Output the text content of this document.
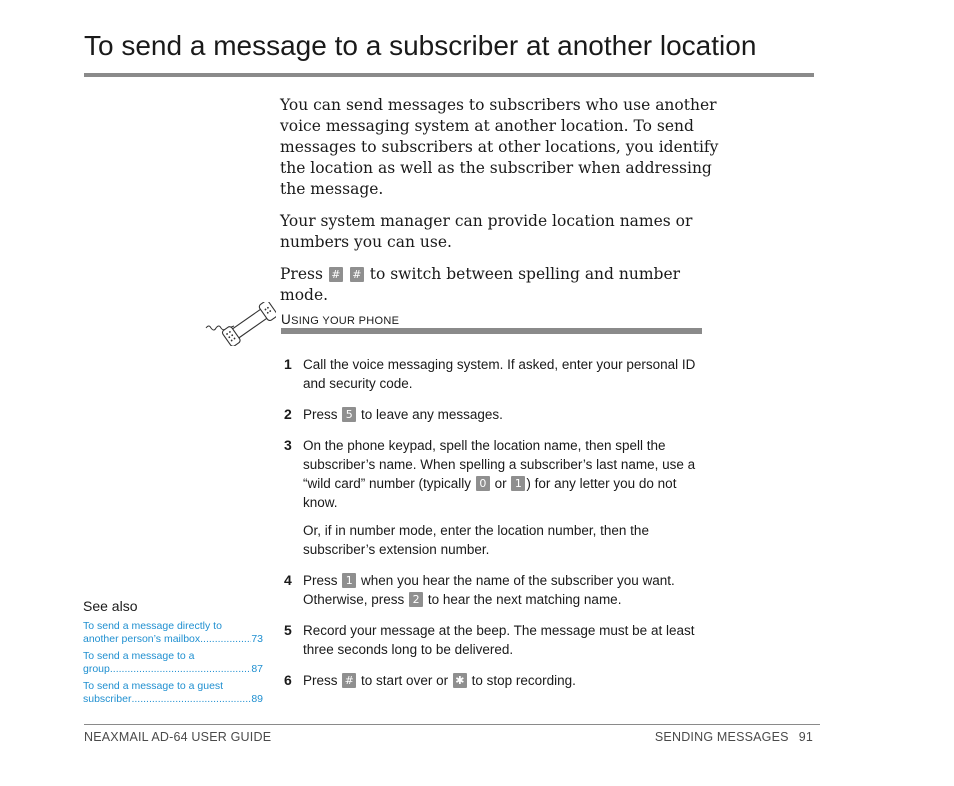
To send a message to a subscriber at another location

You can send messages to subscribers who use another voice messaging system at another location. To send messages to subscribers at other locations, you identify the location as well as the subscriber when addressing the message.

Your system manager can provide location names or numbers you can use.

Press # # to switch between spelling and number mode.

USING YOUR PHONE
1 Call the voice messaging system. If asked, enter your personal ID and security code.

2 Press 5 to leave any messages.

3 On the phone keypad, spell the location name, then spell the subscriber’s name. When spelling a subscriber’s last name, use a “wild card” number (typically 0 or 1 ) for any letter you do not know.

Or, if in number mode, enter the location number, then the subscriber’s extension number.

4 Press 1 when you hear the name of the subscriber you want. Otherwise, press 2 to hear the next matching name.

5 Record your message at the beep. The message must be at least three seconds long to be delivered.

6 Press # to start over or ✱ to stop recording.

See also
To send a message directly to
another person’s mailbox .....	73
To send a message to a
group .....	87
To send a message to a guest
subscriber .....	89
NEAXMAIL AD-64 USER GUIDE	SENDING MESSAGES 91
